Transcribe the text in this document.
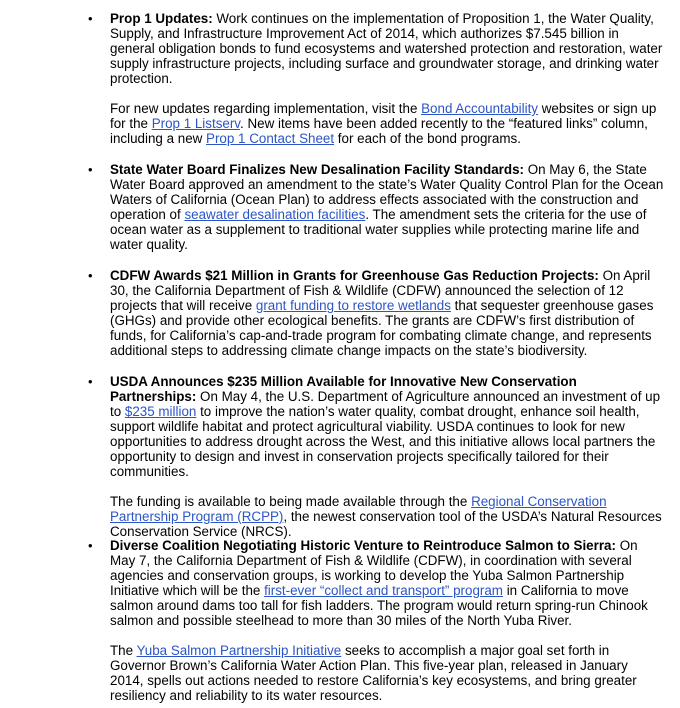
•	Prop 1 Updates: Work continues on the implementation of Proposition 1, the Water Quality, Supply, and Infrastructure Improvement Act of 2014, which authorizes $7.545 billion in general obligation bonds to fund ecosystems and watershed protection and restoration, water supply infrastructure projects, including surface and groundwater storage, and drinking water protection.

For new updates regarding implementation, visit the Bond Accountability websites or sign up for the Prop 1 Listserv. New items have been added recently to the “featured links” column, including a new Prop 1 Contact Sheet for each of the bond programs.

•	State Water Board Finalizes New Desalination Facility Standards: On May 6, the State Water Board approved an amendment to the state’s Water Quality Control Plan for the Ocean Waters of California (Ocean Plan) to address effects associated with the construction and operation of seawater desalination facilities. The amendment sets the criteria for the use of ocean water as a supplement to traditional water supplies while protecting marine life and water quality.

•	CDFW Awards $21 Million in Grants for Greenhouse Gas Reduction Projects: On April 30, the California Department of Fish & Wildlife (CDFW) announced the selection of 12 projects that will receive grant funding to restore wetlands that sequester greenhouse gases (GHGs) and provide other ecological benefits. The grants are CDFW’s first distribution of funds, for California’s cap-and-trade program for combating climate change, and represents additional steps to addressing climate change impacts on the state’s biodiversity.

•	USDA Announces $235 Million Available for Innovative New Conservation Partnerships: On May 4, the U.S. Department of Agriculture announced an investment of up to $235 million to improve the nation’s water quality, combat drought, enhance soil health, support wildlife habitat and protect agricultural viability. USDA continues to look for new opportunities to address drought across the West, and this initiative allows local partners the opportunity to design and invest in conservation projects specifically tailored for their communities.

The funding is available to being made available through the Regional Conservation Partnership Program (RCPP), the newest conservation tool of the USDA’s Natural Resources Conservation Service (NRCS).

•	Diverse Coalition Negotiating Historic Venture to Reintroduce Salmon to Sierra: On May 7, the California Department of Fish & Wildlife (CDFW), in coordination with several agencies and conservation groups, is working to develop the Yuba Salmon Partnership Initiative which will be the first-ever “collect and transport” program in California to move salmon around dams too tall for fish ladders. The program would return spring-run Chinook salmon and possible steelhead to more than 30 miles of the North Yuba River.

The Yuba Salmon Partnership Initiative seeks to accomplish a major goal set forth in Governor Brown’s California Water Action Plan. This five-year plan, released in January 2014, spells out actions needed to restore California’s key ecosystems, and bring greater resiliency and reliability to its water resources.
